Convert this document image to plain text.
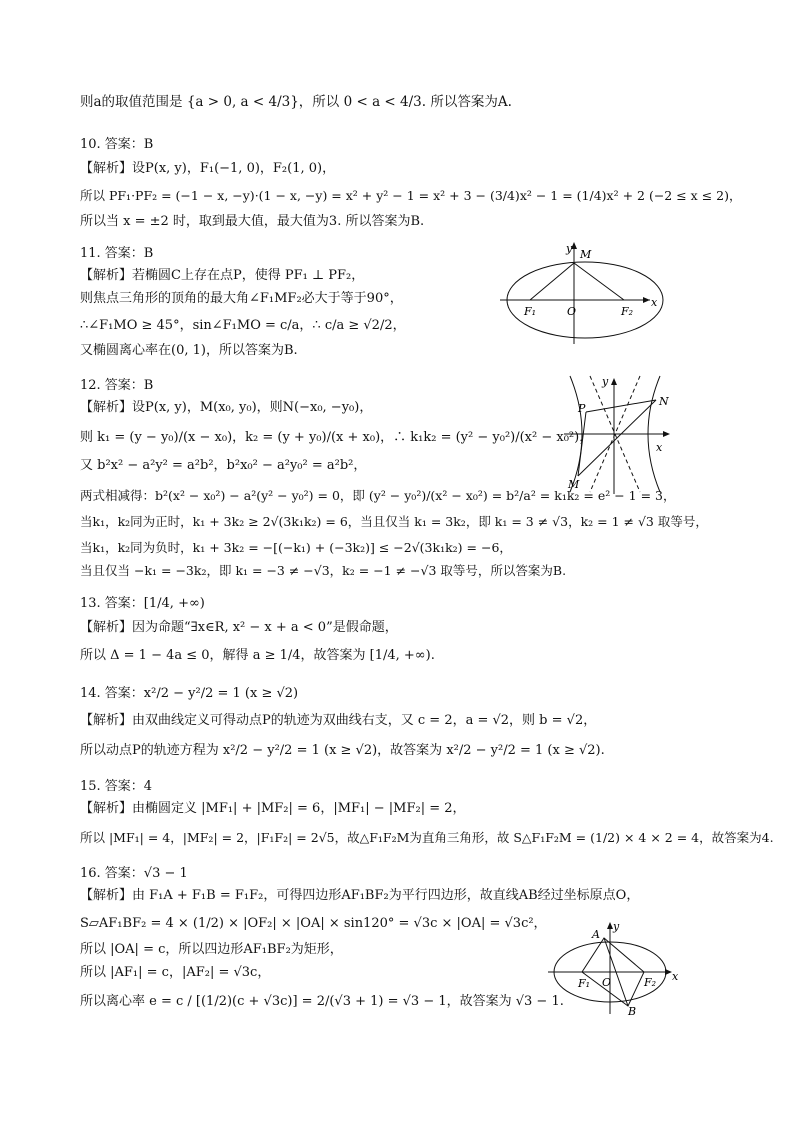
则a的取值范围是 {a > 0, a < 4/3}，所以 0 < a < 4/3. 所以答案为A.
10. 答案：B
【解析】设P(x, y)，F₁(−1, 0)，F₂(1, 0)，
所以 PF₁·PF₂ = (−1 − x, −y)·(1 − x, −y) = x² + y² − 1 = x² + 3 − (3/4)x² − 1 = (1/4)x² + 2 (−2 ≤ x ≤ 2)，
所以当 x = ±2 时，取到最大值，最大值为3. 所以答案为B.
11. 答案：B
【解析】若椭圆C上存在点P，使得 PF₁ ⊥ PF₂，
则焦点三角形的顶角的最大角∠F₁MF₂必大于等于90°，
∴∠F₁MO ≥ 45°，sin∠F₁MO = c/a，∴ c/a ≥ √2/2，
又椭圆离心率在(0, 1)，所以答案为B.
y M
F₁	O	F₂
x
12. 答案：B
【解析】设P(x, y)，M(x₀, y₀)，则N(−x₀, −y₀)，
则 k₁ = (y − y₀)/(x − x₀)，k₂ = (y + y₀)/(x + x₀)，∴ k₁k₂ = (y² − y₀²)/(x² − x₀²)，
又 b²x² − a²y² = a²b²，b²x₀² − a²y₀² = a²b²，
两式相减得：b²(x² − x₀²) − a²(y² − y₀²) = 0，即 (y² − y₀²)/(x² − x₀²) = b²/a² = k₁k₂ = e² − 1 = 3，
当k₁，k₂同为正时，k₁ + 3k₂ ≥ 2√(3k₁k₂) = 6，当且仅当 k₁ = 3k₂，即 k₁ = 3 ≠ √3，k₂ = 1 ≠ √3 取等号，
当k₁，k₂同为负时，k₁ + 3k₂ = −[(−k₁) + (−3k₂)] ≤ −2√(3k₁k₂) = −6，
当且仅当 −k₁ = −3k₂，即 k₁ = −3 ≠ −√3，k₂ = −1 ≠ −√3 取等号，所以答案为B.
y
P
N
M
x
13. 答案：[1/4, +∞)
【解析】因为命题“∃x∈R, x² − x + a < 0”是假命题，
所以 Δ = 1 − 4a ≤ 0，解得 a ≥ 1/4，故答案为 [1/4, +∞).
14. 答案：x²/2 − y²/2 = 1 (x ≥ √2)
【解析】由双曲线定义可得动点P的轨迹为双曲线右支，又 c = 2，a = √2，则 b = √2，
所以动点P的轨迹方程为 x²/2 − y²/2 = 1 (x ≥ √2)，故答案为 x²/2 − y²/2 = 1 (x ≥ √2).
15. 答案：4
【解析】由椭圆定义 |MF₁| + |MF₂| = 6，|MF₁| − |MF₂| = 2，
所以 |MF₁| = 4，|MF₂| = 2，|F₁F₂| = 2√5，故△F₁F₂M为直角三角形，故 S△F₁F₂M = (1/2) × 4 × 2 = 4，故答案为4.
16. 答案：√3 − 1
【解析】由 F₁A + F₁B = F₁F₂，可得四边形AF₁BF₂为平行四边形，故直线AB经过坐标原点O，
S▱AF₁BF₂ = 4 × (1/2) × |OF₂| × |OA| × sin120° = √3c × |OA| = √3c²，
所以 |OA| = c，所以四边形AF₁BF₂为矩形，
所以 |AF₁| = c，|AF₂| = √3c，
所以离心率 e = c / [(1/2)(c + √3c)] = 2/(√3 + 1) = √3 − 1，故答案为 √3 − 1.
A
y
F₁ O	F₂ x
B
